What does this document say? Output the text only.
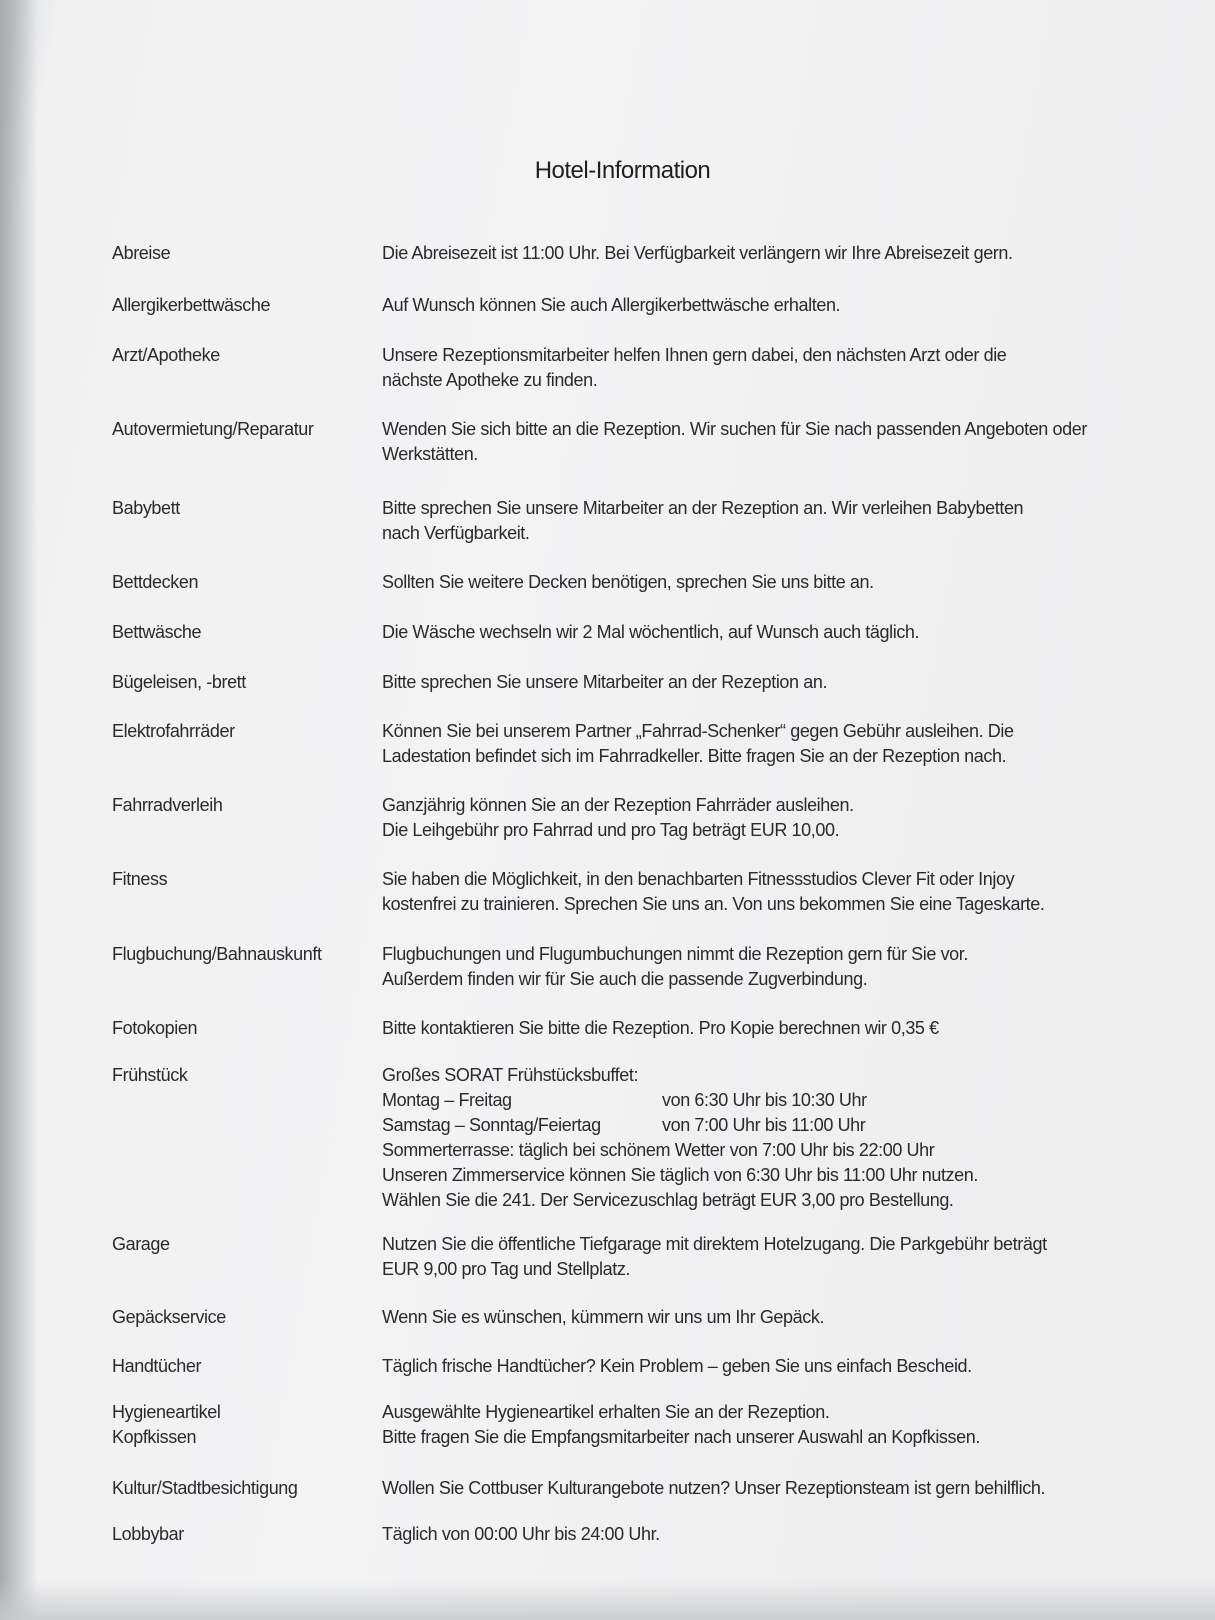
Hotel-Information
Abreise	Die Abreisezeit ist 11:00 Uhr. Bei Verfügbarkeit verlängern wir Ihre Abreisezeit gern.
Allergikerbettwäsche	Auf Wunsch können Sie auch Allergikerbettwäsche erhalten.
Arzt/Apotheke	Unsere Rezeptionsmitarbeiter helfen Ihnen gern dabei, den nächsten Arzt oder die
nächste Apotheke zu finden.
Autovermietung/Reparatur	Wenden Sie sich bitte an die Rezeption. Wir suchen für Sie nach passenden Angeboten oder
Werkstätten.
Babybett	Bitte sprechen Sie unsere Mitarbeiter an der Rezeption an. Wir verleihen Babybetten
nach Verfügbarkeit.
Bettdecken	Sollten Sie weitere Decken benötigen, sprechen Sie uns bitte an.
Bettwäsche	Die Wäsche wechseln wir 2 Mal wöchentlich, auf Wunsch auch täglich.
Bügeleisen, -brett	Bitte sprechen Sie unsere Mitarbeiter an der Rezeption an.
Elektrofahrräder	Können Sie bei unserem Partner „Fahrrad-Schenker“ gegen Gebühr ausleihen. Die
Ladestation befindet sich im Fahrradkeller. Bitte fragen Sie an der Rezeption nach.
Fahrradverleih	Ganzjährig können Sie an der Rezeption Fahrräder ausleihen.
Die Leihgebühr pro Fahrrad und pro Tag beträgt EUR 10,00.
Fitness	Sie haben die Möglichkeit, in den benachbarten Fitnessstudios Clever Fit oder Injoy
kostenfrei zu trainieren. Sprechen Sie uns an. Von uns bekommen Sie eine Tageskarte.
Flugbuchung/Bahnauskunft	Flugbuchungen und Flugumbuchungen nimmt die Rezeption gern für Sie vor.
Außerdem finden wir für Sie auch die passende Zugverbindung.
Fotokopien	Bitte kontaktieren Sie bitte die Rezeption. Pro Kopie berechnen wir 0,35 €
Frühstück	Großes SORAT Frühstücksbuffet:
Montag – Freitag	von 6:30 Uhr bis 10:30 Uhr
Samstag – Sonntag/Feiertag	von 7:00 Uhr bis 11:00 Uhr
Sommerterrasse: täglich bei schönem Wetter von 7:00 Uhr bis 22:00 Uhr
Unseren Zimmerservice können Sie täglich von 6:30 Uhr bis 11:00 Uhr nutzen.
Wählen Sie die 241. Der Servicezuschlag beträgt EUR 3,00 pro Bestellung.
Garage	Nutzen Sie die öffentliche Tiefgarage mit direktem Hotelzugang. Die Parkgebühr beträgt
EUR 9,00 pro Tag und Stellplatz.
Gepäckservice	Wenn Sie es wünschen, kümmern wir uns um Ihr Gepäck.
Handtücher	Täglich frische Handtücher? Kein Problem – geben Sie uns einfach Bescheid.
Hygieneartikel	Ausgewählte Hygieneartikel erhalten Sie an der Rezeption.
Kopfkissen	Bitte fragen Sie die Empfangsmitarbeiter nach unserer Auswahl an Kopfkissen.
Kultur/Stadtbesichtigung	Wollen Sie Cottbuser Kulturangebote nutzen? Unser Rezeptionsteam ist gern behilflich.
Lobbybar	Täglich von 00:00 Uhr bis 24:00 Uhr.
